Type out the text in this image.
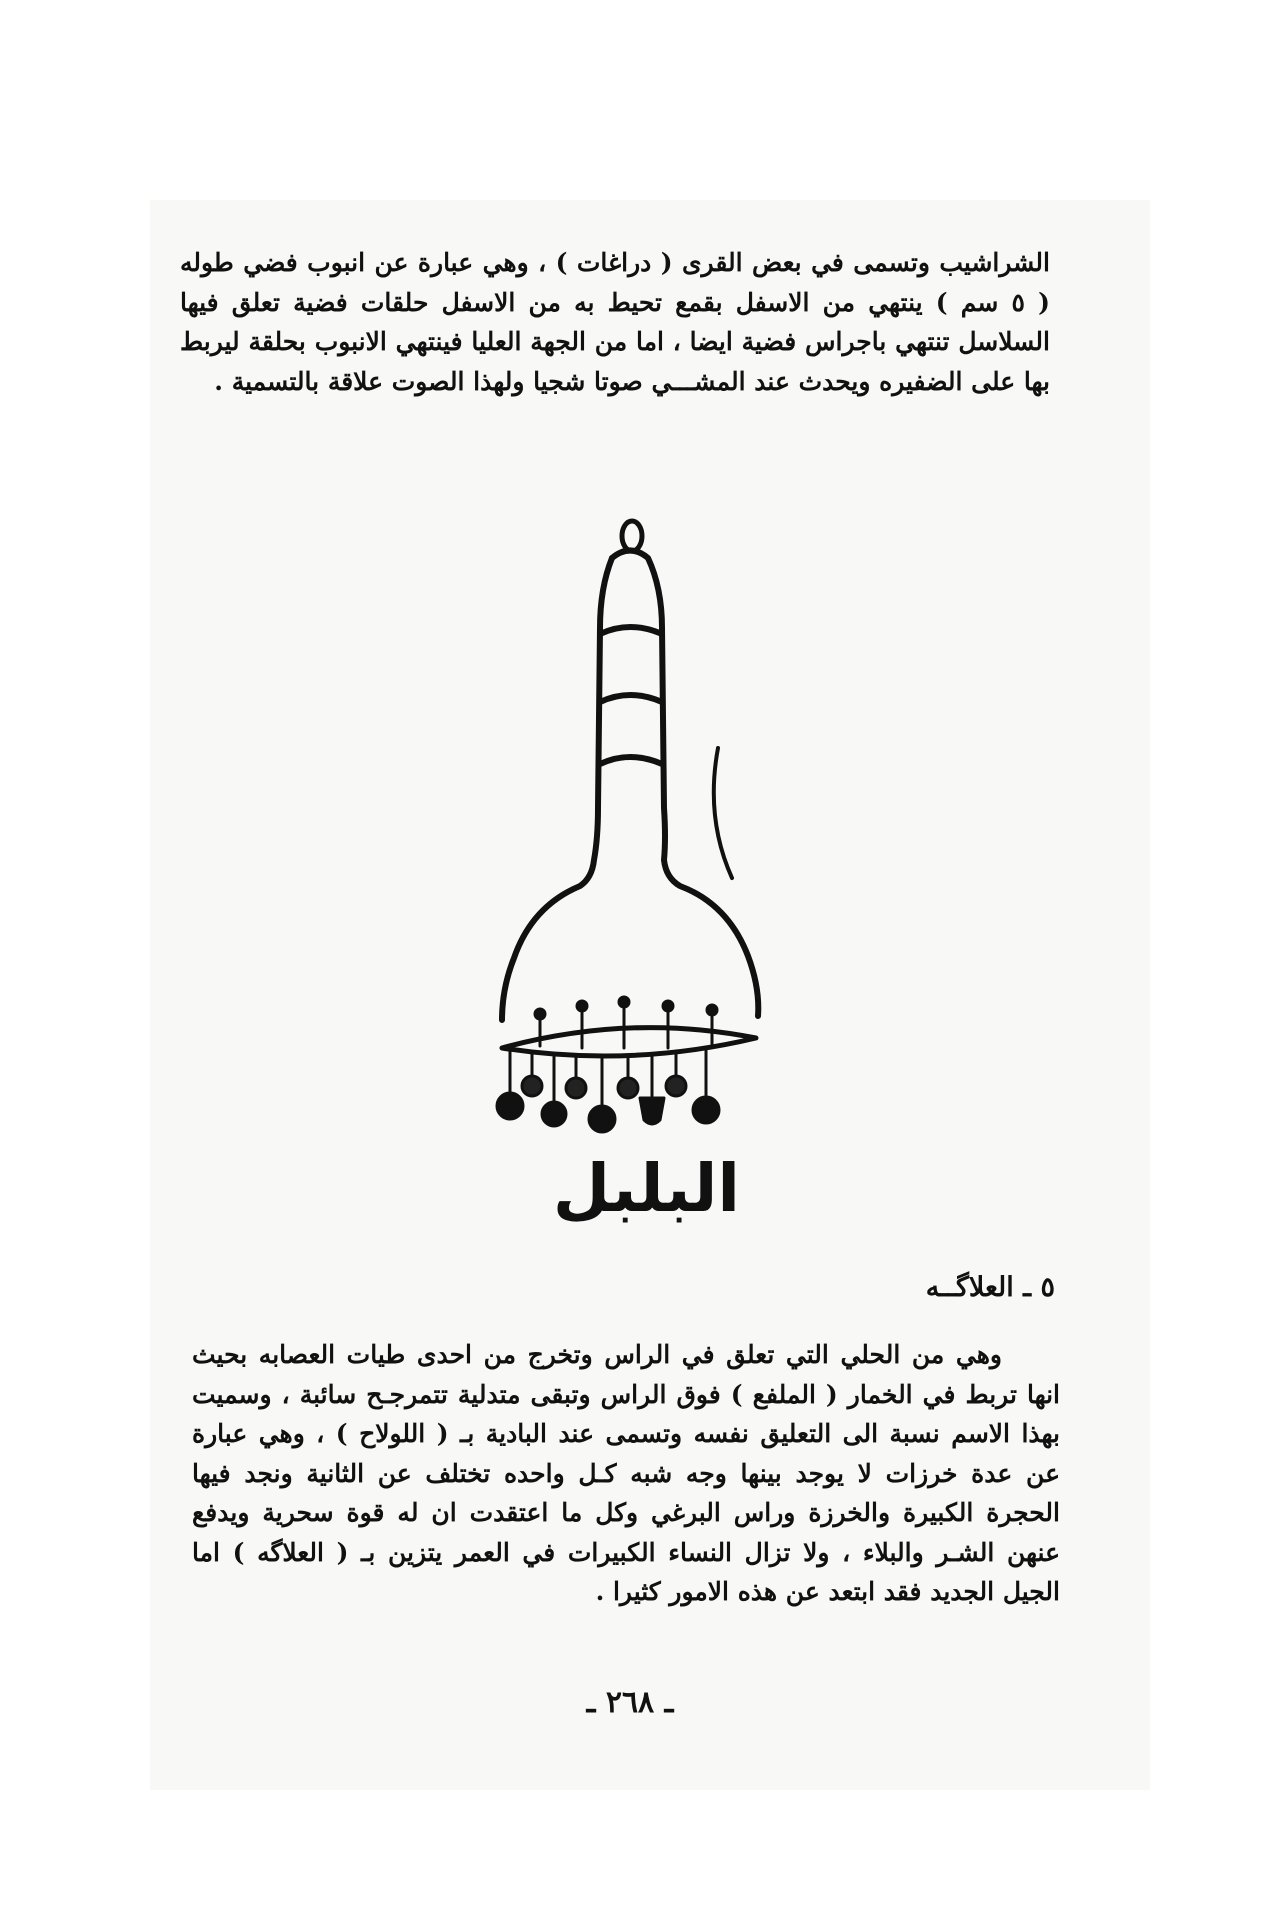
الشراشيب وتسمى في بعض القرى ( دراغات ) ، وهي عبارة عن انبوب فضي طوله ( ٥ سم ) ينتهي من الاسفل بقمع تحيط به من الاسفل حلقات فضية تعلق فيها السلاسل تنتهي باجراس فضية ايضا ، اما من الجهة العليا فينتهي الانبوب بحلقة ليربط بها على الضفيره ويحدث عند المشـــي صوتا شجيا ولهذا الصوت علاقة بالتسمية .

البلبل
٥ ـ العلاگــه

وهي من الحلي التي تعلق في الراس وتخرج من احدى طيات العصابه بحيث انها تربط في الخمار ( الملفع ) فوق الراس وتبقى متدلية تتمرجـح سائبة ، وسميت بهذا الاسم نسبة الى التعليق نفسه وتسمى عند البادية بـ ( اللولاح ) ، وهي عبارة عن عدة خرزات لا يوجد بينها وجه شبه كـل واحده تختلف عن الثانية ونجد فيها الحجرة الكبيرة والخرزة وراس البرغي وكل ما اعتقدت ان له قوة سحرية ويدفع عنهن الشـر والبلاء ، ولا تزال النساء الكبيرات في العمر يتزين بـ ( العلاگه ) اما الجيل الجديد فقد ابتعد عن هذه الامور كثيرا .

ـ ٢٦٨ ـ
